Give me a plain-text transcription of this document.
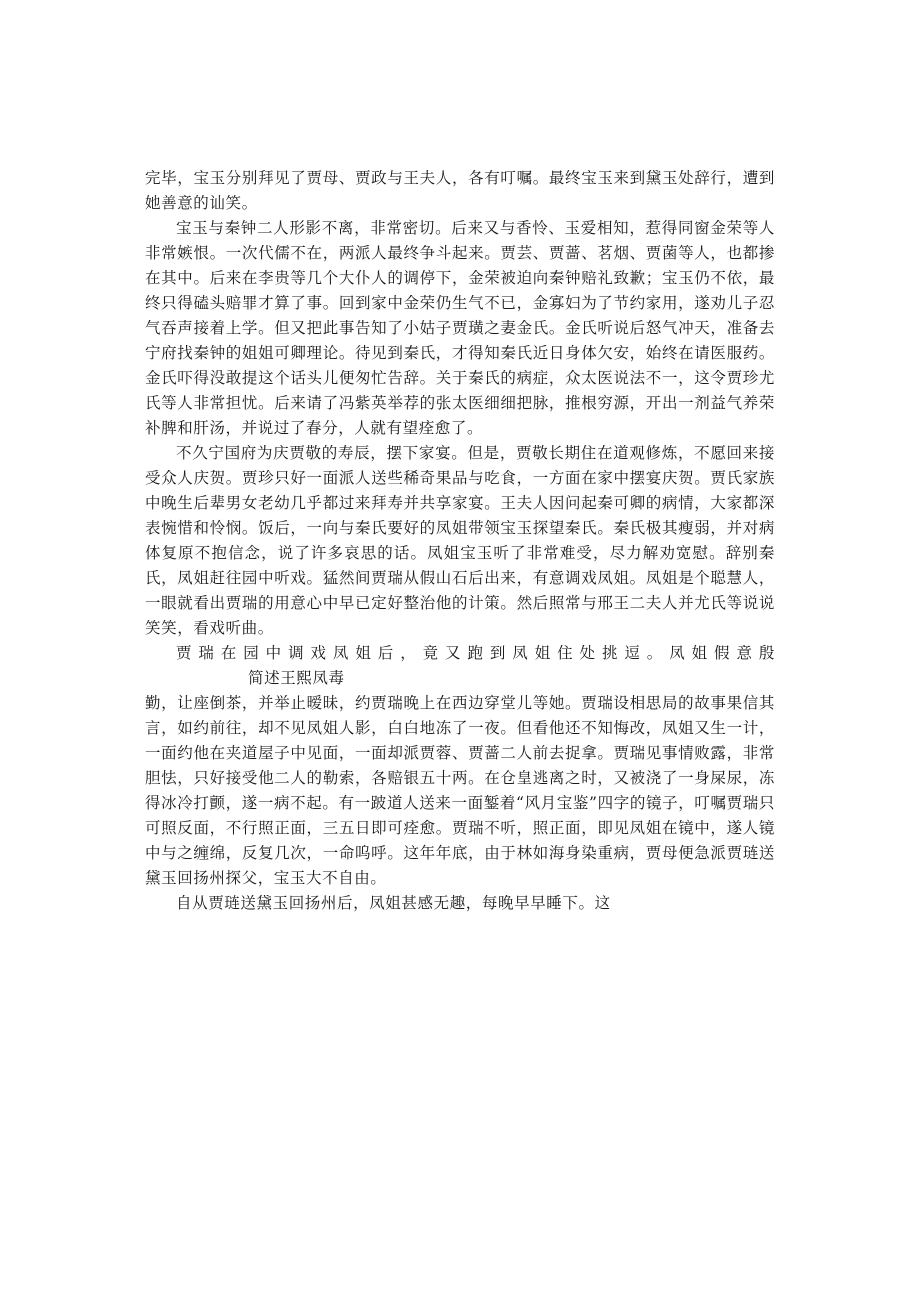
完毕，宝玉分别拜见了贾母、贾政与王夫人，各有叮嘱。最终宝玉来到黛玉处辞行，遭到她善意的讪笑。

宝玉与秦钟二人形影不离，非常密切。后来又与香怜、玉爱相知，惹得同窗金荣等人非常嫉恨。一次代儒不在，两派人最终争斗起来。贾芸、贾蔷、茗烟、贾菌等人，也都掺在其中。后来在李贵等几个大仆人的调停下，金荣被迫向秦钟赔礼致歉；宝玉仍不依，最终只得磕头赔罪才算了事。回到家中金荣仍生气不已，金寡妇为了节约家用，遂劝儿子忍气吞声接着上学。但又把此事告知了小姑子贾璜之妻金氏。金氏听说后怒气冲天，准备去宁府找秦钟的姐姐可卿理论。待见到秦氏，才得知秦氏近日身体欠安，始终在请医服药。金氏吓得没敢提这个话头儿便匆忙告辞。关于秦氏的病症，众太医说法不一，这令贾珍尤氏等人非常担忧。后来请了冯紫英举荐的张太医细细把脉，推根穷源，开出一剂益气养荣补脾和肝汤，并说过了春分，人就有望痊愈了。

不久宁国府为庆贾敬的寿辰，摆下家宴。但是，贾敬长期住在道观修炼，不愿回来接受众人庆贺。贾珍只好一面派人送些稀奇果品与吃食，一方面在家中摆宴庆贺。贾氏家族中晚生后辈男女老幼几乎都过来拜寿并共享家宴。王夫人因问起秦可卿的病情，大家都深表惋惜和怜悯。饭后，一向与秦氏要好的凤姐带领宝玉探望秦氏。秦氏极其瘦弱，并对病体复原不抱信念，说了许多哀思的话。凤姐宝玉听了非常难受，尽力解劝宽慰。辞别秦氏，凤姐赶往园中听戏。猛然间贾瑞从假山石后出来，有意调戏凤姐。凤姐是个聪慧人，一眼就看出贾瑞的用意心中早已定好整治他的计策。然后照常与邢王二夫人并尤氏等说说笑笑，看戏听曲。

贾瑞在园中调戏凤姐后，竟又跑到凤姐住处挑逗。凤姐假意殷简述王熙凤毒
勤，让座倒茶，并举止暧昧，约贾瑞晚上在西边穿堂儿等她。贾瑞设相思局的故事果信其言，如约前往，却不见凤姐人影，白白地冻了一夜。但看他还不知悔改，凤姐又生一计，一面约他在夹道屋子中见面，一面却派贾蓉、贾蔷二人前去捉拿。贾瑞见事情败露，非常胆怯，只好接受他二人的勒索，各赔银五十两。在仓皇逃离之时，又被浇了一身屎尿，冻得冰冷打颤，遂一病不起。有一跛道人送来一面錾着“风月宝鉴”四字的镜子，叮嘱贾瑞只可照反面，不行照正面，三五日即可痊愈。贾瑞不听，照正面，即见凤姐在镜中，遂人镜中与之缠绵，反复几次，一命呜呼。这年年底，由于林如海身染重病，贾母便急派贾琏送黛玉回扬州探父，宝玉大不自由。

自从贾琏送黛玉回扬州后，凤姐甚感无趣，每晚早早睡下。这
